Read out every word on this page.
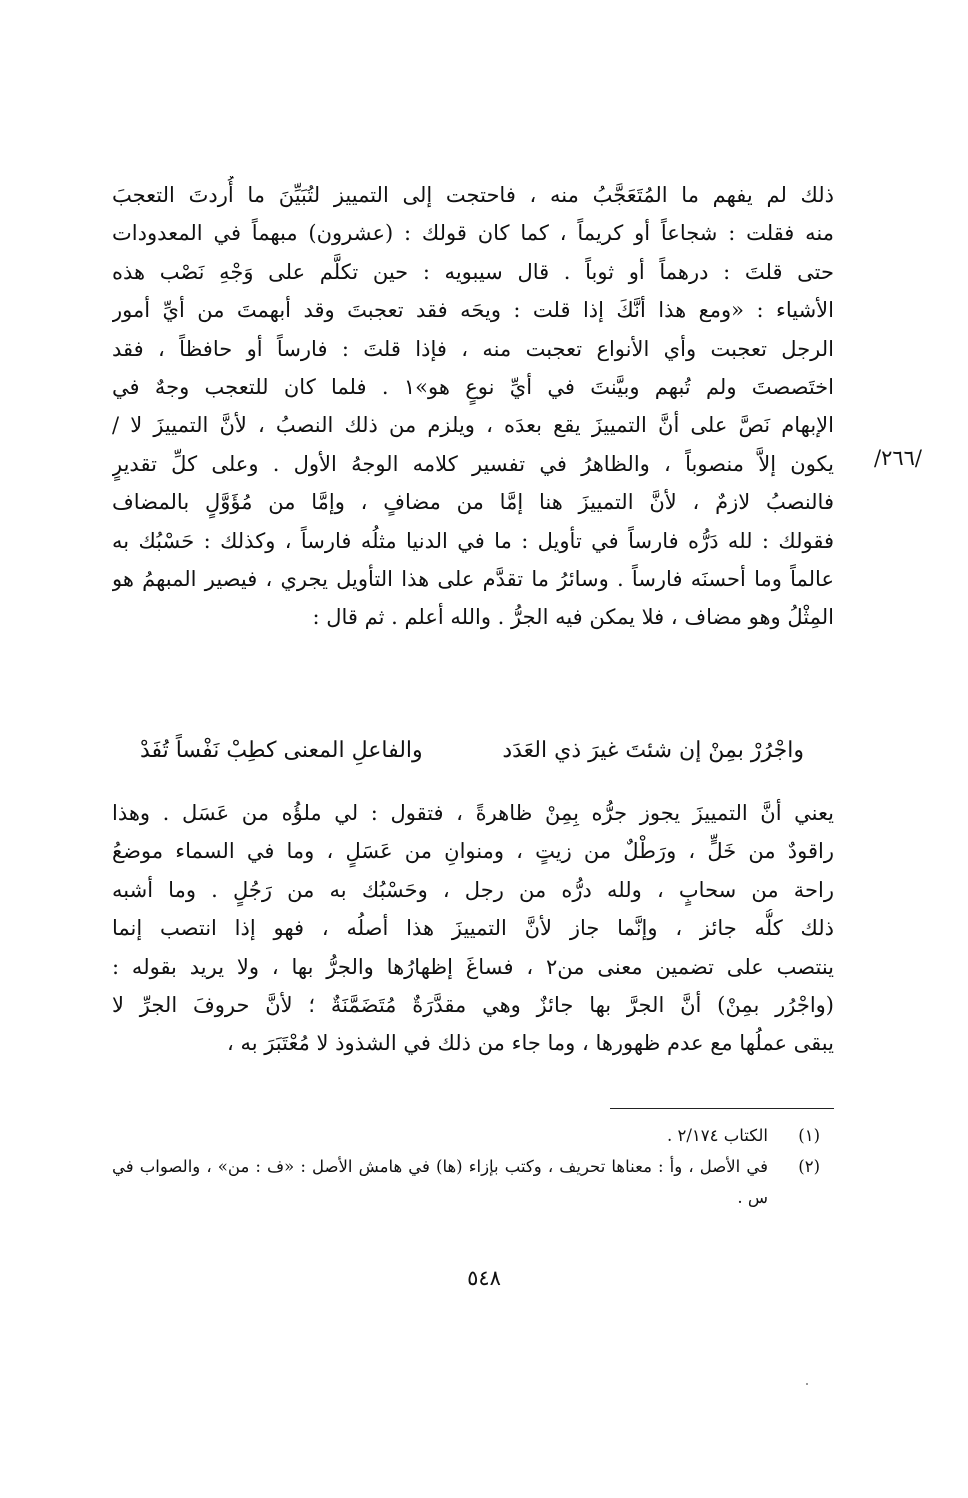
ذلك لم يفهم ما المُتَعَجَّبُ منه ، فاحتجت إلى التمييز لتُبَيِّنَ ما أُردتَ التعجبَ
منه فقلت : شجاعاً أو كريماً ، كما كان قولك : (عشرون) مبهماً في المعدودات
حتى قلتَ : درهماً أو ثوباً . قال سيبويه : حين تكلَّم على وَجْهِ نَصْب هذه
الأشياء : «ومع هذا أنَّكَ إذا قلت : ويحَه فقد تعجبتَ وقد أبهمتَ من أيِّ أمور
الرجل تعجبت وأي الأنواع تعجبت منه ، فإذا قلتَ : فارساً أو حافظاً ، فقد
اختَصصتَ ولم تُبهم وبيَّنتَ في أيِّ نوعٍ هو»١ . فلما كان للتعجب وجهٌ في
الإبهام نَصَّ على أنَّ التمييزَ يقع بعدَه ، ويلزم من ذلك النصبُ ، لأنَّ التمييزَ لا /
يكون إلاَّ منصوباً ، والظاهرُ في تفسير كلامه الوجهُ الأول . وعلى كلِّ تقديرٍ
فالنصبُ لازمٌ ، لأنَّ التمييزَ هنا إمَّا من مضافٍ ، وإمَّا من مُؤَوَّلٍ بالمضاف
فقولك : لله دَرُّه فارساً في تأويل : ما في الدنيا مثلُه فارساً ، وكذلك : حَسْبُك به
عالماً وما أحسنَه فارساً . وسائرُ ما تقدَّم على هذا التأويل يجري ، فيصير المبهمُ هو
المِثْلُ وهو مضاف ، فلا يمكن فيه الجرُّ . والله أعلم . ثم قال :
/٢٦٦/
واجْرُرْ بمِنْ إن شئتَ غيرَ ذي العَدَد
والفاعلِ المعنى كطِبْ نَفْساً تُفَدْ
يعني أنَّ التمييزَ يجوز جرُّه بِمِنْ ظاهرةً ، فتقول : لي ملؤُه من عَسَل . وهذا
راقودٌ من خَلٍّ ، ورَطْلٌ من زيتٍ ، ومنوانِ من عَسَلٍ ، وما في السماء موضعُ
راحة من سحابٍ ، ولله درُّه من رجل ، وحَسْبُك به من رَجُلٍ . وما أشبه
ذلك كلُّه جائز ، وإنَّما جاز لأنَّ التمييزَ هذا أصلُه ، فهو إذا انتصب إنما
ينتصب على تضمين معنى من٢ ، فساغَ إظهارُها والجرُّ بها ، ولا يريد بقوله :
(واجْرُر بمِنْ) أنَّ الجرَّ بها جائزٌ وهي مقدَّرَةٌ مُتَضَمَّنَةٌ ؛ لأنَّ حروفَ الجرِّ لا
يبقى عملُها مع عدم ظهورها ، وما جاء من ذلك في الشذوذ لا مُعْتَبَرَ به ،
(١)
الكتاب ٢/١٧٤ .
(٢)
في الأصل ، وأ : معناها تحريف ، وكتب بإزاء (ها) في هامش الأصل : «ف : من» ، والصواب في س .
٥٤٨
